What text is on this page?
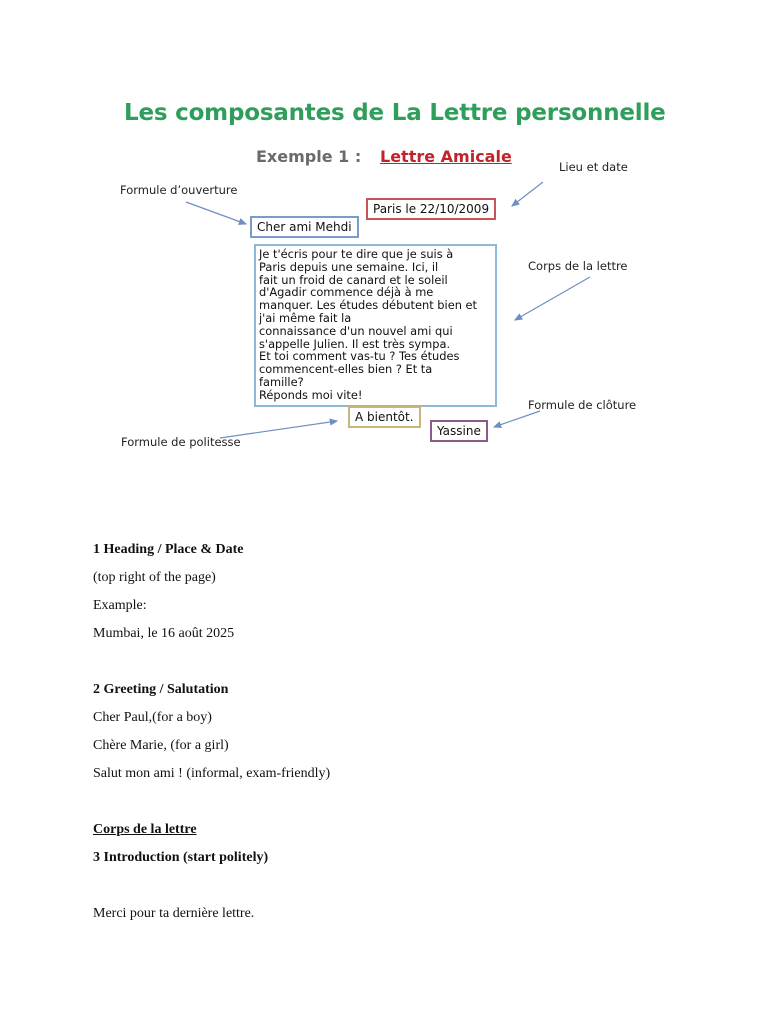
Les composantes de La Lettre personnelle
Exemple 1 : Lettre Amicale
Lieu et date
Formule d’ouverture
Corps de la lettre
Formule de clôture
Formule de politesse
Paris le 22/10/2009
Cher ami Mehdi
Je t'écris pour te dire que je suis à
Paris depuis une semaine. Ici, il
fait un froid de canard et le soleil
d'Agadir commence déjà à me
manquer. Les études débutent bien et
j'ai même fait la
connaissance d'un nouvel ami qui
s'appelle Julien. Il est très sympa.
Et toi comment vas-tu ? Tes études
commencent-elles bien ? Et ta
famille?
Réponds moi vite!
A bientôt.
Yassine

1 Heading / Place & Date

(top right of the page)

Example:

Mumbai, le 16 août 2025

2 Greeting / Salutation

Cher Paul,(for a boy)

Chère Marie, (for a girl)

Salut mon ami ! (informal, exam-friendly)

Corps de la lettre

3 Introduction (start politely)

Merci pour ta dernière lettre.
